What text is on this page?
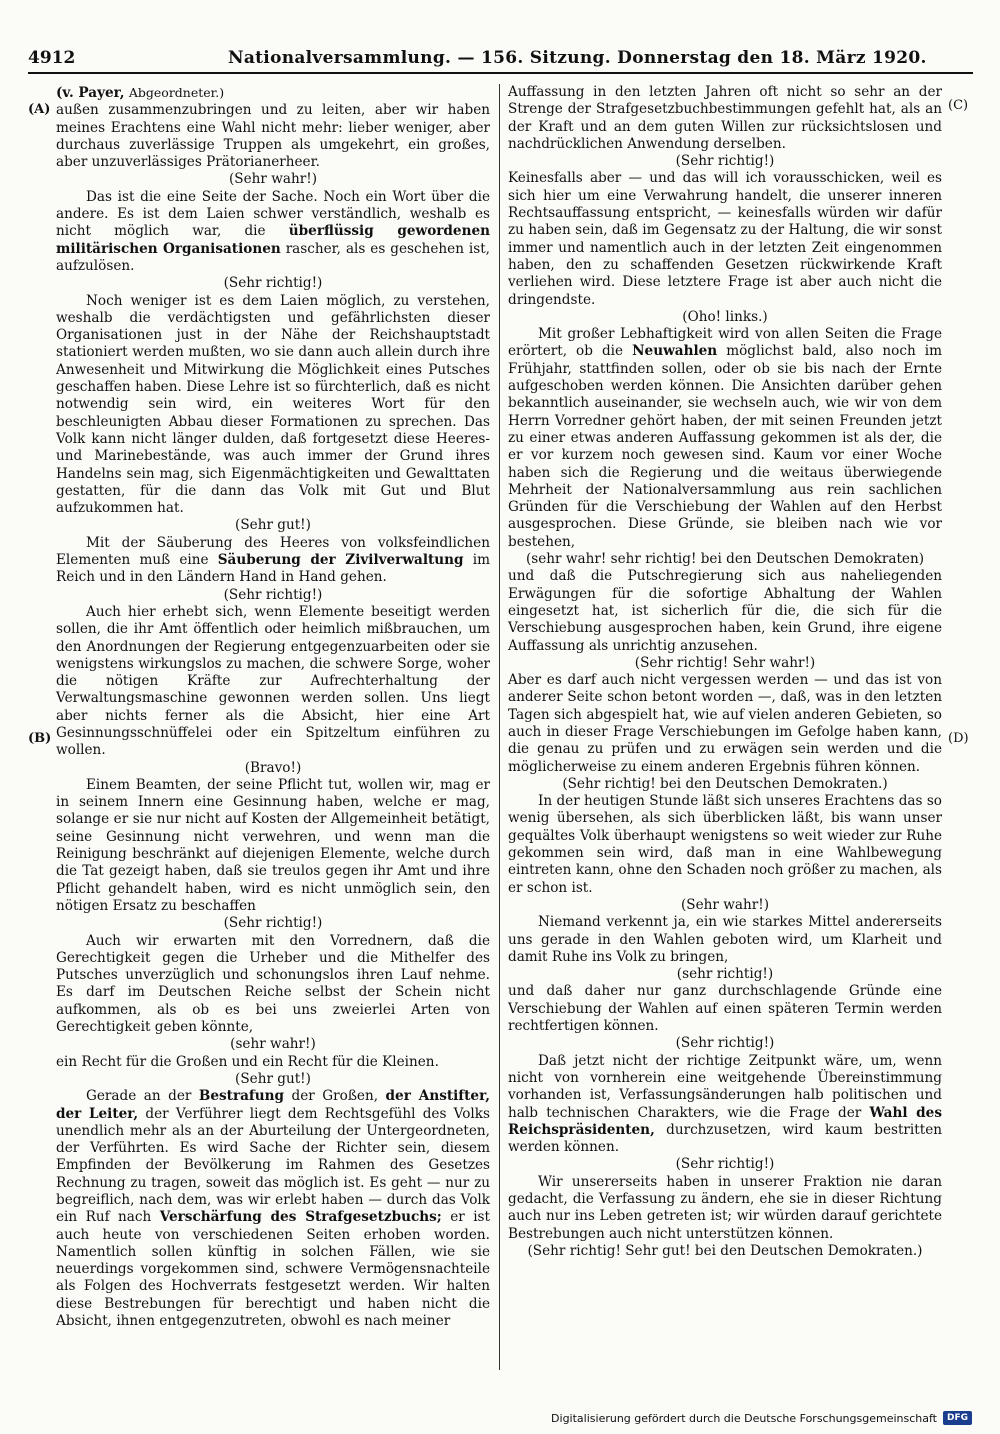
4912	Nationalversammlung. — 156. Sitzung. Donnerstag den 18. März 1920.
(A)
(B)
(C)
(D)

(v. Payer, Abgeordneter.)

außen zusammenzubringen und zu leiten, aber wir haben meines Erachtens eine Wahl nicht mehr: lieber weniger, aber durchaus zuverlässige Truppen als umgekehrt, ein großes, aber unzuverlässiges Prätorianerheer.

(Sehr wahr!)

Das ist die eine Seite der Sache. Noch ein Wort über die andere. Es ist dem Laien schwer verständlich, weshalb es nicht möglich war, die überflüssig gewordenen militärischen Organisationen rascher, als es geschehen ist, aufzulösen.

(Sehr richtig!)

Noch weniger ist es dem Laien möglich, zu verstehen, weshalb die verdächtigsten und gefährlichsten dieser Organisationen just in der Nähe der Reichshauptstadt stationiert werden mußten, wo sie dann auch allein durch ihre Anwesenheit und Mitwirkung die Möglichkeit eines Putsches geschaffen haben. Diese Lehre ist so fürchterlich, daß es nicht notwendig sein wird, ein weiteres Wort für den beschleunigten Abbau dieser Formationen zu sprechen. Das Volk kann nicht länger dulden, daß fortgesetzt diese Heeres- und Marinebestände, was auch immer der Grund ihres Handelns sein mag, sich Eigenmächtigkeiten und Gewalttaten gestatten, für die dann das Volk mit Gut und Blut aufzukommen hat.

(Sehr gut!)

Mit der Säuberung des Heeres von volksfeindlichen Elementen muß eine Säuberung der Zivilverwaltung im Reich und in den Ländern Hand in Hand gehen.

(Sehr richtig!)

Auch hier erhebt sich, wenn Elemente beseitigt werden sollen, die ihr Amt öffentlich oder heimlich mißbrauchen, um den Anordnungen der Regierung entgegenzuarbeiten oder sie wenigstens wirkungslos zu machen, die schwere Sorge, woher die nötigen Kräfte zur Aufrechterhaltung der Verwaltungsmaschine gewonnen werden sollen. Uns liegt aber nichts ferner als die Absicht, hier eine Art Gesinnungsschnüffelei oder ein Spitzeltum einführen zu wollen.

(Bravo!)

Einem Beamten, der seine Pflicht tut, wollen wir, mag er in seinem Innern eine Gesinnung haben, welche er mag, solange er sie nur nicht auf Kosten der Allgemeinheit betätigt, seine Gesinnung nicht verwehren, und wenn man die Reinigung beschränkt auf diejenigen Elemente, welche durch die Tat gezeigt haben, daß sie treulos gegen ihr Amt und ihre Pflicht gehandelt haben, wird es nicht unmöglich sein, den nötigen Ersatz zu beschaffen

(Sehr richtig!)

Auch wir erwarten mit den Vorrednern, daß die Gerechtigkeit gegen die Urheber und die Mithelfer des Putsches unverzüglich und schonungslos ihren Lauf nehme. Es darf im Deutschen Reiche selbst der Schein nicht aufkommen, als ob es bei uns zweierlei Arten von Gerechtigkeit geben könnte,

(sehr wahr!)

ein Recht für die Großen und ein Recht für die Kleinen.

(Sehr gut!)

Gerade an der Bestrafung der Großen, der Anstifter, der Leiter, der Verführer liegt dem Rechtsgefühl des Volks unendlich mehr als an der Aburteilung der Untergeordneten, der Verführten. Es wird Sache der Richter sein, diesem Empfinden der Bevölkerung im Rahmen des Gesetzes Rechnung zu tragen, soweit das möglich ist. Es geht — nur zu begreiflich, nach dem, was wir erlebt haben — durch das Volk ein Ruf nach Verschärfung des Strafgesetzbuchs; er ist auch heute von verschiedenen Seiten erhoben worden. Namentlich sollen künftig in solchen Fällen, wie sie neuerdings vorgekommen sind, schwere Vermögensnachteile als Folgen des Hochverrats festgesetzt werden. Wir halten diese Bestrebungen für berechtigt und haben nicht die Absicht, ihnen entgegenzutreten, obwohl es nach meiner

Auffassung in den letzten Jahren oft nicht so sehr an der Strenge der Strafgesetzbuchbestimmungen gefehlt hat, als an der Kraft und an dem guten Willen zur rücksichtslosen und nachdrücklichen Anwendung derselben.

(Sehr richtig!)

Keinesfalls aber — und das will ich vorausschicken, weil es sich hier um eine Verwahrung handelt, die unserer inneren Rechtsauffassung entspricht, — keinesfalls würden wir dafür zu haben sein, daß im Gegensatz zu der Haltung, die wir sonst immer und namentlich auch in der letzten Zeit eingenommen haben, den zu schaffenden Gesetzen rückwirkende Kraft verliehen wird. Diese letztere Frage ist aber auch nicht die dringendste.

(Oho! links.)

Mit großer Lebhaftigkeit wird von allen Seiten die Frage erörtert, ob die Neuwahlen möglichst bald, also noch im Frühjahr, stattfinden sollen, oder ob sie bis nach der Ernte aufgeschoben werden können. Die Ansichten darüber gehen bekanntlich auseinander, sie wechseln auch, wie wir von dem Herrn Vorredner gehört haben, der mit seinen Freunden jetzt zu einer etwas anderen Auffassung gekommen ist als der, die er vor kurzem noch gewesen sind. Kaum vor einer Woche haben sich die Regierung und die weitaus überwiegende Mehrheit der Nationalversammlung aus rein sachlichen Gründen für die Verschiebung der Wahlen auf den Herbst ausgesprochen. Diese Gründe, sie bleiben nach wie vor bestehen,

(sehr wahr! sehr richtig! bei den Deutschen Demokraten)

und daß die Putschregierung sich aus naheliegenden Erwägungen für die sofortige Abhaltung der Wahlen eingesetzt hat, ist sicherlich für die, die sich für die Verschiebung ausgesprochen haben, kein Grund, ihre eigene Auffassung als unrichtig anzusehen.

(Sehr richtig! Sehr wahr!)

Aber es darf auch nicht vergessen werden — und das ist von anderer Seite schon betont worden —, daß, was in den letzten Tagen sich abgespielt hat, wie auf vielen anderen Gebieten, so auch in dieser Frage Verschiebungen im Gefolge haben kann, die genau zu prüfen und zu erwägen sein werden und die möglicherweise zu einem anderen Ergebnis führen können.

(Sehr richtig! bei den Deutschen Demokraten.)

In der heutigen Stunde läßt sich unseres Erachtens das so wenig übersehen, als sich überblicken läßt, bis wann unser gequältes Volk überhaupt wenigstens so weit wieder zur Ruhe gekommen sein wird, daß man in eine Wahlbewegung eintreten kann, ohne den Schaden noch größer zu machen, als er schon ist.

(Sehr wahr!)

Niemand verkennt ja, ein wie starkes Mittel andererseits uns gerade in den Wahlen geboten wird, um Klarheit und damit Ruhe ins Volk zu bringen,

(sehr richtig!)

und daß daher nur ganz durchschlagende Gründe eine Verschiebung der Wahlen auf einen späteren Termin werden rechtfertigen können.

(Sehr richtig!)

Daß jetzt nicht der richtige Zeitpunkt wäre, um, wenn nicht von vornherein eine weitgehende Übereinstimmung vorhanden ist, Verfassungsänderungen halb politischen und halb technischen Charakters, wie die Frage der Wahl des Reichspräsidenten, durchzusetzen, wird kaum bestritten werden können.

(Sehr richtig!)

Wir unsererseits haben in unserer Fraktion nie daran gedacht, die Verfassung zu ändern, ehe sie in dieser Richtung auch nur ins Leben getreten ist; wir würden darauf gerichtete Bestrebungen auch nicht unterstützen können.

(Sehr richtig! Sehr gut! bei den Deutschen Demokraten.)

Digitalisierung gefördert durch die Deutsche Forschungsgemeinschaft	DFG
